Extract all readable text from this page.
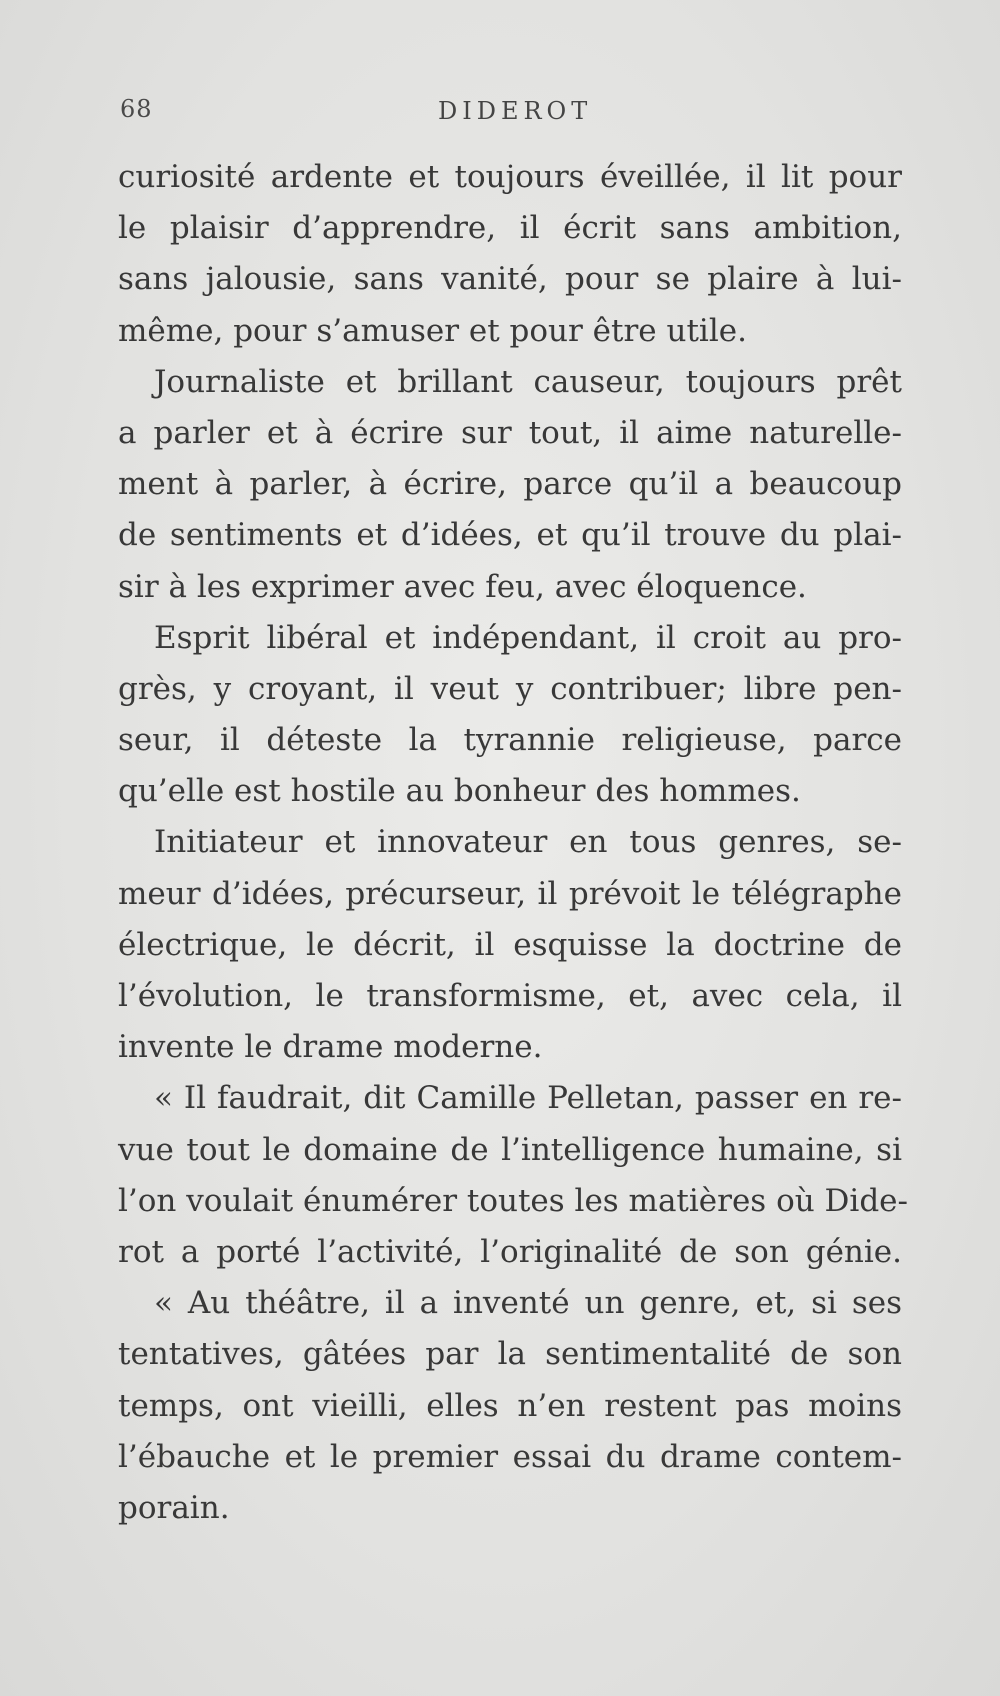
68	DIDEROT
curiosité ardente et toujours éveillée, il lit pour
le plaisir d’apprendre, il écrit sans ambition,
sans jalousie, sans vanité, pour se plaire à lui-
même, pour s’amuser et pour être utile.
Journaliste et brillant causeur, toujours prêt
a parler et à écrire sur tout, il aime naturelle-
ment à parler, à écrire, parce qu’il a beaucoup
de sentiments et d’idées, et qu’il trouve du plai-
sir à les exprimer avec feu, avec éloquence.
Esprit libéral et indépendant, il croit au pro-
grès, y croyant, il veut y contribuer; libre pen-
seur, il déteste la tyrannie religieuse, parce
qu’elle est hostile au bonheur des hommes.
Initiateur et innovateur en tous genres, se-
meur d’idées, précurseur, il prévoit le télégraphe
électrique, le décrit, il esquisse la doctrine de
l’évolution, le transformisme, et, avec cela, il
invente le drame moderne.
« Il faudrait, dit Camille Pelletan, passer en re-
vue tout le domaine de l’intelligence humaine, si
l’on voulait énumérer toutes les matières où Dide-
rot a porté l’activité, l’originalité de son génie.
« Au théâtre, il a inventé un genre, et, si ses
tentatives, gâtées par la sentimentalité de son
temps, ont vieilli, elles n’en restent pas moins
l’ébauche et le premier essai du drame contem-
porain.
